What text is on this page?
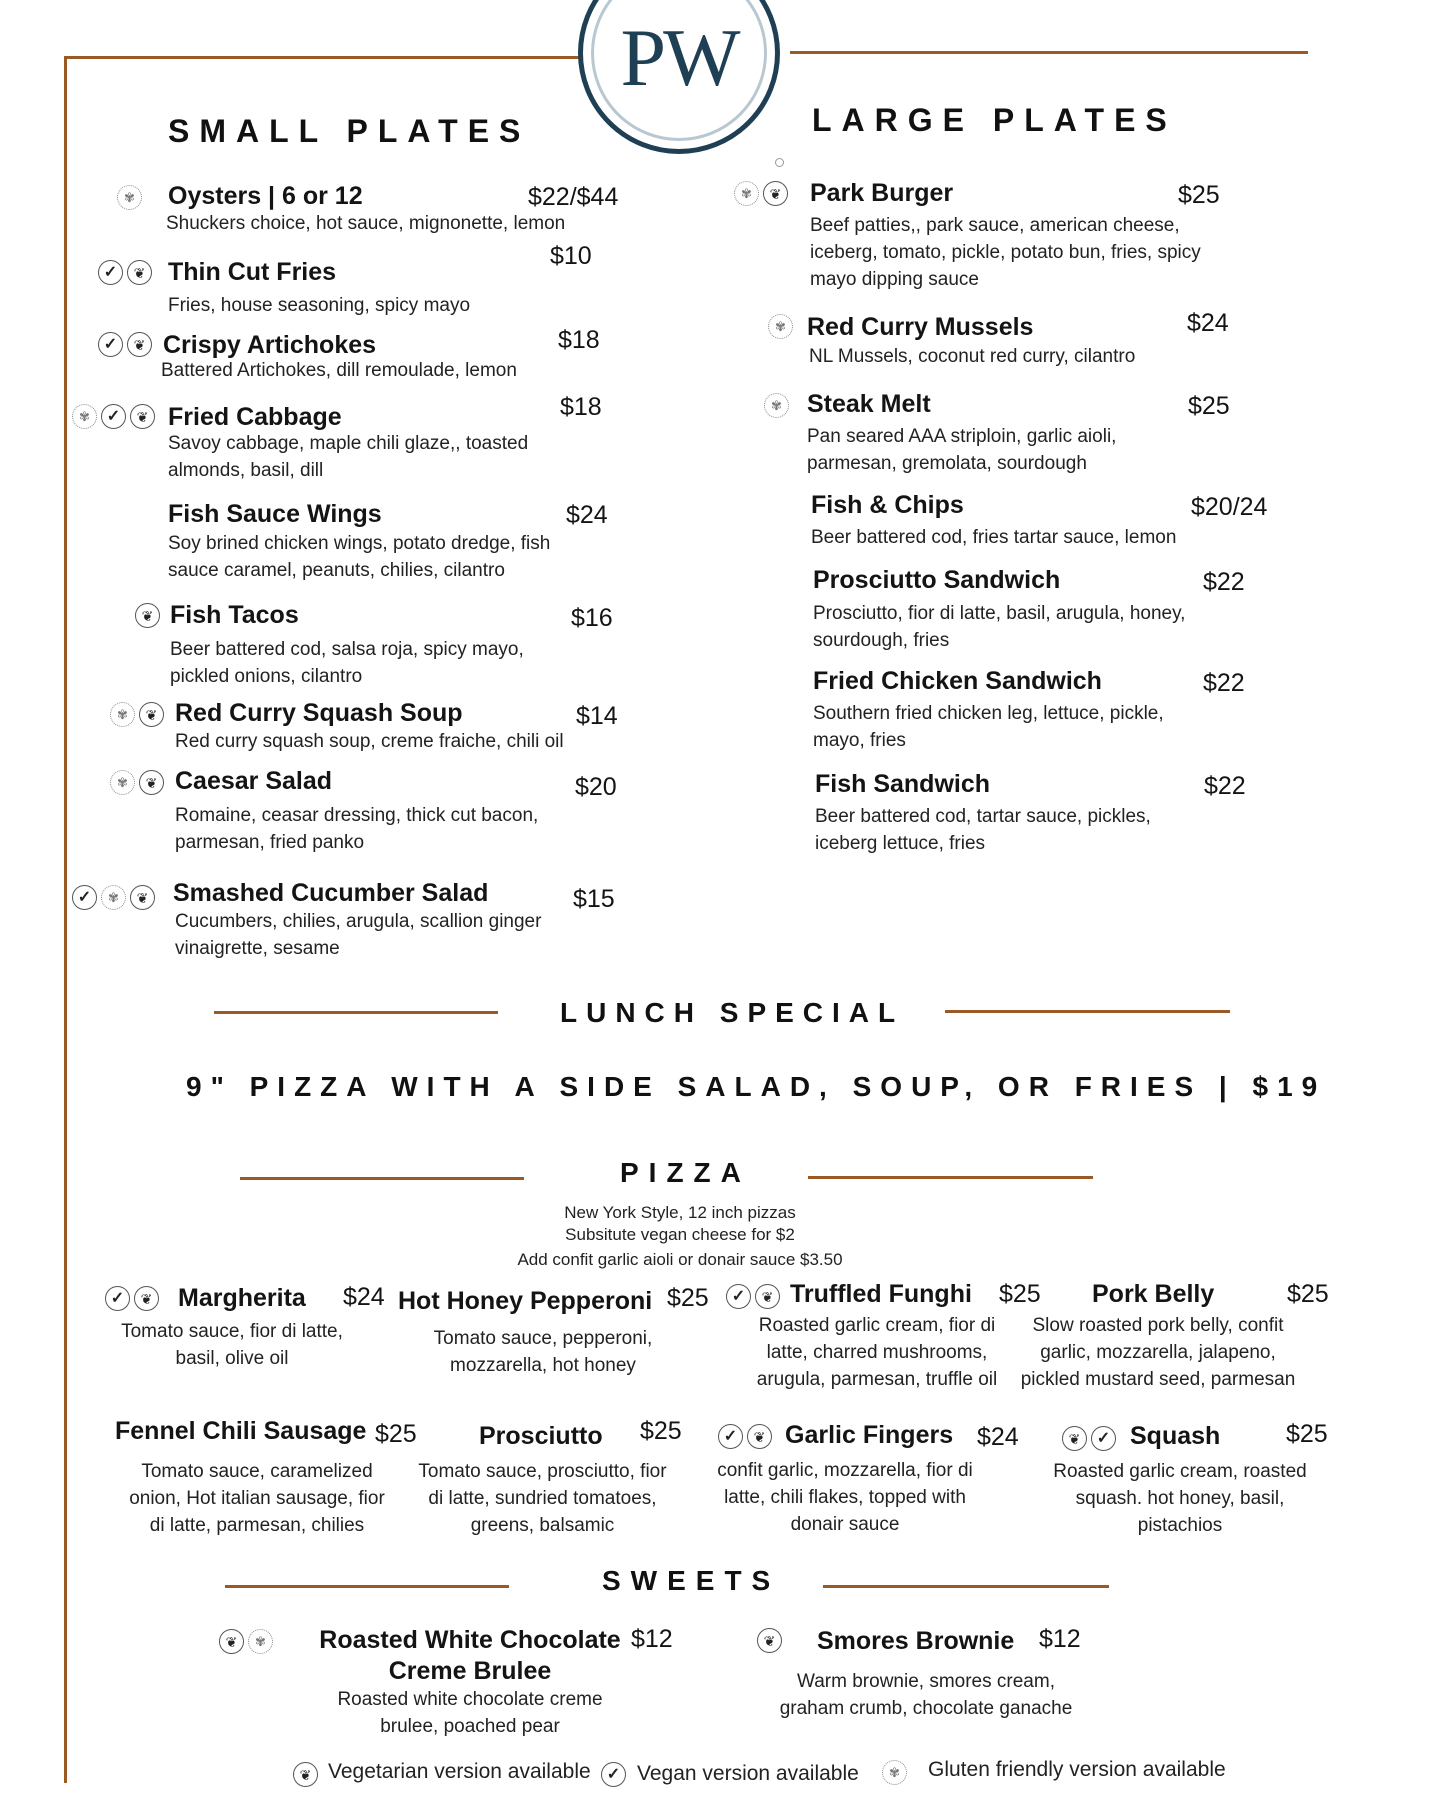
PW
SMALL PLATES
✾ Oysters | 6 or 12	$22/$44
Shuckers choice, hot sauce, mignonette, lemon
✓	❦ Thin Cut Fries
$10
Fries, house seasoning, spicy mayo
✓	❦ Crispy Artichokes	$18
Battered Artichokes, dill remoulade, lemon
✾	✓	❦ Fried Cabbage	$18
Savoy cabbage, maple chili glaze,, toasted almonds, basil, dill
Fish Sauce Wings	$24
Soy brined chicken wings, potato dredge, fish sauce caramel, peanuts, chilies, cilantro
❦ Fish Tacos	$16
Beer battered cod, salsa roja, spicy mayo, pickled onions, cilantro
✾	❦ Red Curry Squash Soup	$14
Red curry squash soup, creme fraiche, chili oil
✾	❦ Caesar Salad	$20
Romaine, ceasar dressing, thick cut bacon, parmesan, fried panko
✓	✾	❦ Smashed Cucumber Salad	$15
Cucumbers, chilies, arugula, scallion ginger vinaigrette, sesame
LARGE PLATES
✾	❦ Park Burger	$25
Beef patties,, park sauce, american cheese, iceberg, tomato, pickle, potato bun, fries, spicy mayo dipping sauce
✾ Red Curry Mussels	$24
NL Mussels, coconut red curry, cilantro
✾ Steak Melt	$25
Pan seared AAA striploin, garlic aioli, parmesan, gremolata, sourdough
Fish & Chips	$20/24
Beer battered cod, fries tartar sauce, lemon
Prosciutto Sandwich	$22
Prosciutto, fior di latte, basil, arugula, honey, sourdough, fries
Fried Chicken Sandwich	$22
Southern fried chicken leg, lettuce, pickle, mayo, fries
Fish Sandwich	$22
Beer battered cod, tartar sauce, pickles, iceberg lettuce, fries
LUNCH SPECIAL
9" PIZZA WITH A SIDE SALAD, SOUP, OR FRIES | $19
PIZZA
New York Style, 12 inch pizzas
Subsitute vegan cheese for $2
Add confit garlic aioli or donair sauce $3.50
✓	❦ Margherita $24
Tomato sauce, fior di latte, basil, olive oil
Hot Honey Pepperoni $25
Tomato sauce, pepperoni, mozzarella, hot honey
✓	❦ Truffled Funghi $25
Roasted garlic cream, fior di latte, charred mushrooms, arugula, parmesan, truffle oil
Pork Belly	$25
Slow roasted pork belly, confit garlic, mozzarella, jalapeno, pickled mustard seed, parmesan
Fennel Chili Sausage $25
Tomato sauce, caramelized onion, Hot italian sausage, fior di latte, parmesan, chilies
Prosciutto $25
Tomato sauce, prosciutto, fior di latte, sundried tomatoes, greens, balsamic
✓	❦ Garlic Fingers $24
confit garlic, mozzarella, fior di latte, chili flakes, topped with donair sauce
❦	✓ Squash	$25
Roasted garlic cream, roasted squash. hot honey, basil, pistachios
SWEETS
❦	✾	Roasted White Chocolate Creme Brulee
$12
Roasted white chocolate creme brulee, poached pear
❦ Smores Brownie $12
Warm brownie, smores cream, graham crumb, chocolate ganache
❦ Vegetarian version available	✓ Vegan version available	✾	Gluten friendly version available
